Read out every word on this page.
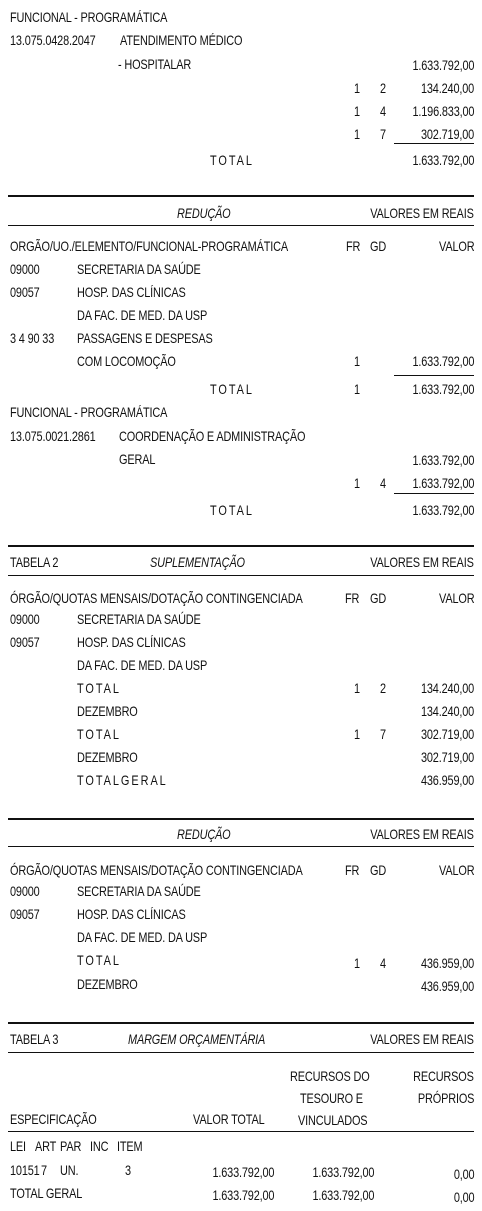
FUNCIONAL - PROGRAMÁTICA
13.075.0428.2047 ATENDIMENTO MÉDICO
- HOSPITALAR	1.633.792,00
1 2 134.240,00
1 4 1.196.833,00
1 7 302.719,00
TOTAL	1.633.792,00
REDUÇÃO	VALORES EM REAIS
ORGÃO/UO./ELEMENTO/FUNCIONAL-PROGRAMÁTICA	FR GD	VALOR
09000	SECRETARIA DA SAÚDE
09057	HOSP. DAS CLÍNICAS
DA FAC. DE MED. DA USP
3 4 90 33 PASSAGENS E DESPESAS
COM LOCOMOÇÃO	1	1.633.792,00
TOTAL	1	1.633.792,00
FUNCIONAL - PROGRAMÁTICA
13.075.0021.2861 COORDENAÇÃO E ADMINISTRAÇÃO
GERAL	1.633.792,00
1 4 1.633.792,00
TOTAL	1.633.792,00
TABELA 2	SUPLEMENTAÇÃO	VALORES EM REAIS
ÓRGÃO/QUOTAS MENSAIS/DOTAÇÃO CONTINGENCIADA	FR GD	VALOR
09000	SECRETARIA DA SAÚDE
09057	HOSP. DAS CLÍNICAS
DA FAC. DE MED. DA USP
TOTAL	1 2 134.240,00
DEZEMBRO	134.240,00
TOTAL	1 7 302.719,00
DEZEMBRO	302.719,00
TOTALGERAL	436.959,00
REDUÇÃO	VALORES EM REAIS
ÓRGÃO/QUOTAS MENSAIS/DOTAÇÃO CONTINGENCIADA	FR GD	VALOR
09000	SECRETARIA DA SAÚDE
09057	HOSP. DAS CLÍNICAS
DA FAC. DE MED. DA USP
TOTAL	1 4 436.959,00
DEZEMBRO	436.959,00
TABELA 3	MARGEM ORÇAMENTÁRIA	VALORES EM REAIS
RECURSOS DO
TESOURO E
VINCULADOS
RECURSOS
PRÓPRIOS
ESPECIFICAÇÃO	VALOR TOTAL
LEI ART PAR INC ITEM
10151 7 UN.	3	1.633.792,00	1.633.792,00	0,00
TOTAL GERAL	1.633.792,00	1.633.792,00	0,00
